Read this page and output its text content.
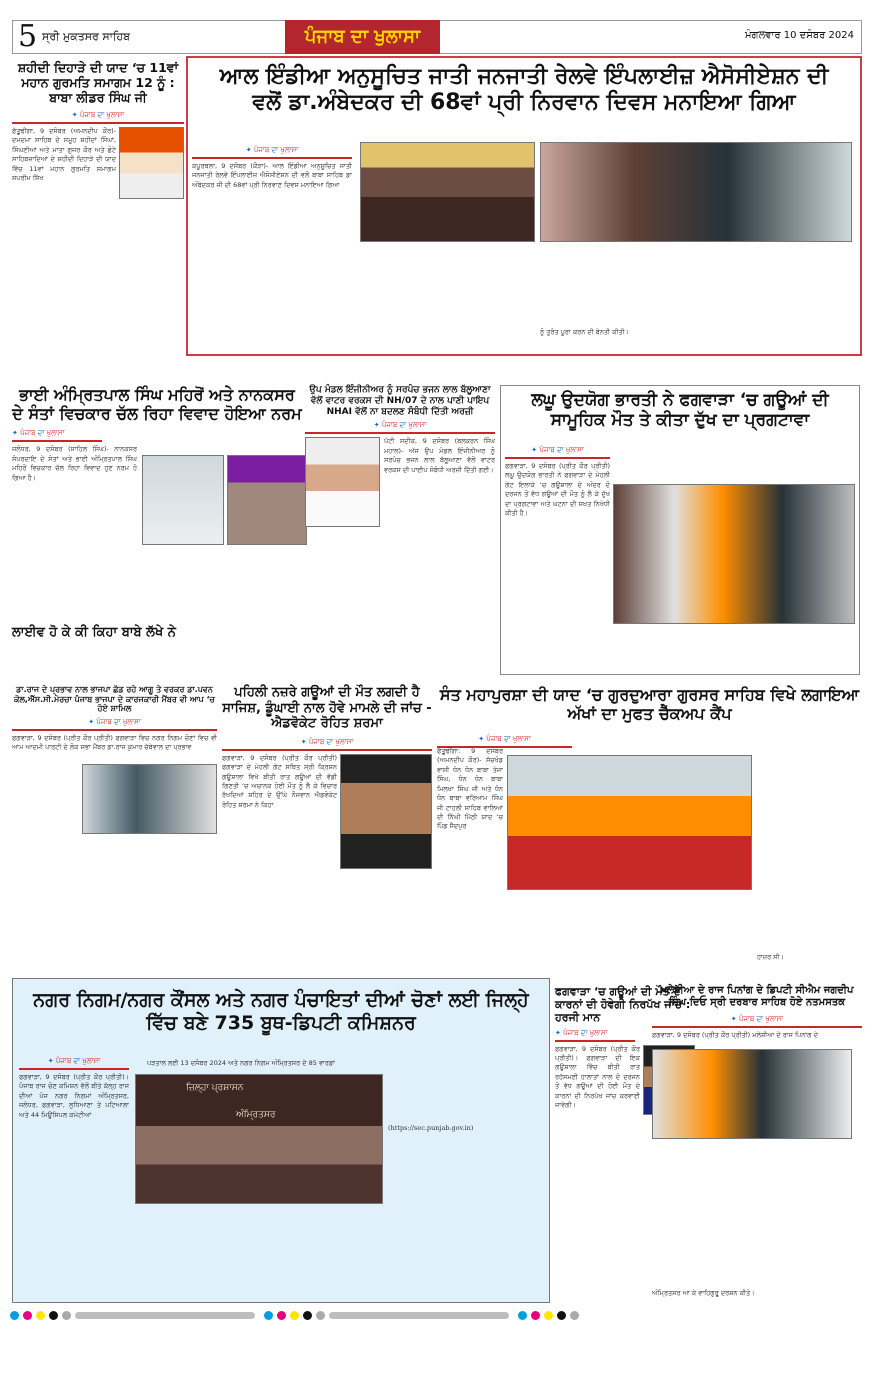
5 ਸ੍ਰੀ ਮੁਕਤਸਰ ਸਾਹਿਬ	ਪੰਜਾਬ ਦਾ ਖੁਲਾਸਾ	ਮੰਗਲਵਾਰ 10 ਦਸੰਬਰ 2024
ਸ਼ਹੀਦੀ ਦਿਹਾੜੇ ਦੀ ਯਾਦ ‘ਚ 11ਵਾਂ ਮਹਾਨ ਗੁਰਮਤਿ ਸਮਾਗਮ 12 ਨੂੰ : ਬਾਬਾ ਲੀਡਰ ਸਿੰਘ ਜੀ
✦ ਪੰਜਾਬ ਦਾ ਖੁਲਾਸਾ
ਫੱਤੂਢੀਂਗਾ, 9 ਦਸੰਬਰ (ਅਮਨਦੀਪ ਕੌਰ)- ਦਮਦਮਾ ਸਾਹਿਬ ਦੇ ਸਮੂਹ ਸ਼ਹੀਦਾਂ ਸਿੰਘਾਂ, ਸਿੰਘਣੀਆਂ ਅਤੇ ਮਾਤਾ ਗੁਜਰ ਕੌਰ ਅਤੇ ਛੋਟੇ ਸਾਹਿਬਜ਼ਾਦਿਆਂ ਦੇ ਸ਼ਹੀਦੀ ਦਿਹਾੜੇ ਦੀ ਯਾਦ ਵਿੱਚ 11ਵਾਂ ਮਹਾਨ ਗੁਰਮਤਿ ਸਮਾਗਮ ਸਪਰੀਮ ਸਿੱਖ
ਆਲ ਇੰਡੀਆ ਅਨੁਸੂਚਿਤ ਜਾਤੀ ਜਨਜਾਤੀ ਰੇਲਵੇ ਇੰਪਲਾਈਜ਼ ਐਸੋਸੀਏਸ਼ਨ ਦੀ ਵਲੋਂ ਡਾ.ਅੰਬੇਦਕਰ ਦੀ 68ਵਾਂ ਪ੍ਰੀ ਨਿਰਵਾਨ ਦਿਵਸ ਮਨਾਇਆ ਗਿਆ
✦ ਪੰਜਾਬ ਦਾ ਖੁਲਾਸਾ
ਕਪੂਰਥਲਾ, 9 ਦਸੰਬਰ (ਕੌੜਾ)- ਆਲ ਇੰਡੀਆ ਅਨੁਸੂਚਿਤ ਜਾਤੀ ਜਨਜਾਤੀ ਰੇਲਵੇ ਇੰਪਲਾਈਜ਼ ਐਸੋਸੀਏਸ਼ਨ ਦੀ ਵਲੋਂ ਬਾਬਾ ਸਾਹਿਬ ਡਾ ਅੰਬੇਦਕਰ ਜੀ ਦੀ 68ਵਾਂ ਪ੍ਰੀ ਨਿਰਵਾਣ ਦਿਵਸ ਮਨਾਇਆ ਗਿਆ
ਨੂੰ ਤੁਰੰਤ ਪੂਰਾ ਕਰਨ ਦੀ ਬੇਨਤੀ ਕੀਤੀ।
ਭਾਈ ਅੰਮ੍ਰਿਤਪਾਲ ਸਿੰਘ ਮਹਿਰੋਂ ਅਤੇ ਨਾਨਕਸਰ ਦੇ ਸੰਤਾਂ ਵਿਚਕਾਰ ਚੱਲ ਰਿਹਾ ਵਿਵਾਦ ਹੋਇਆ ਨਰਮ
✦ ਪੰਜਾਬ ਦਾ ਖੁਲਾਸਾ
ਜਲੰਧਰ, 9 ਦਸੰਬਰ (ਸਾਹਿਲ ਸਿੰਘ)- ਨਾਨਕਸਰ ਸੰਪਰਦਾਇ ਦੇ ਸੰਤਾਂ ਅਤੇ ਭਾਈ ਅੰਮ੍ਰਿਤਪਾਲ ਸਿੰਘ ਮਹਿਰੋਂ ਵਿਚਕਾਰ ਚੱਲ ਰਿਹਾ ਵਿਵਾਦ ਹੁਣ ਨਰਮ ਹੋ ਗਿਆ ਹੈ।
ਲਾਈਵ ਹੋ ਕੇ ਕੀ ਕਿਹਾ ਬਾਬੇ ਲੱਖੇ ਨੇ
ਉਪ ਮੰਡਲ ਇੰਜੀਨੀਅਰ ਨੂੰ ਸਰਪੰਚ ਭਜਨ ਲਾਲ ਬੱਲੂਆਣਾ ਵੱਲੋਂ ਵਾਟਰ ਵਰਕਸ ਦੀ NH/07 ਦੇ ਨਾਲ ਪਾਣੀ ਪਾਇਪ NHAI ਵੱਲੋਂ ਨਾ ਬਦਲਣ ਸੰਬੰਧੀ ਦਿੱਤੀ ਅਰਜ਼ੀ
✦ ਪੰਜਾਬ ਦਾ ਖੁਲਾਸਾ
ਪੱਟੀ ਸਦੀਕ, 9 ਦਸੰਬਰ (ਬਲਕਰਨ ਸਿੰਘ ਮਹਾਲ)- ਅੱਜ ਉਪ ਮੰਡਲ ਇੰਜੀਨੀਅਰ ਨੂੰ ਸਰਪੰਚ ਭਜਨ ਲਾਲ ਬੱਲੂਆਣਾ ਵੱਲੋਂ ਵਾਟਰ ਵਰਕਸ ਦੀ ਪਾਈਪ ਸੰਬੰਧੀ ਅਰਜ਼ੀ ਦਿੱਤੀ ਗਈ।
ਲਘੂ ਉਦਯੋਗ ਭਾਰਤੀ ਨੇ ਫਗਵਾੜਾ ‘ਚ ਗਊਆਂ ਦੀ ਸਾਮੂਹਿਕ ਮੌਤ ਤੇ ਕੀਤਾ ਦੁੱਖ ਦਾ ਪ੍ਰਗਟਾਵਾ
✦ ਪੰਜਾਬ ਦਾ ਖੁਲਾਸਾ
ਫਗਵਾੜਾ, 9 ਦਸੰਬਰ (ਪ੍ਰੀਤ ਕੌਰ ਪ੍ਰੀਤੀ) ਲਘੂ ਉਦਯੋਗ ਭਾਰਤੀ ਨੇ ਫਗਵਾੜਾ ਦੇ ਮੇਹਲੀ ਗੇਟ ਇਲਾਕੇ ‘ਚ ਗਊਸ਼ਾਲਾ ਦੇ ਅੰਦਰ ਦੋ ਦਰਜਨ ਤੋਂ ਵੱਧ ਗਊਆਂ ਦੀ ਮੌਤ ਨੂੰ ਲੈ ਕੇ ਦੁੱਖ ਦਾ ਪ੍ਰਗਟਾਵਾ ਅਤੇ ਘਟਨਾ ਦੀ ਸਖ਼ਤ ਨਿਖੇਧੀ ਕੀਤੀ ਹੈ।
ਡਾ.ਰਾਜ ਦੇ ਪ੍ਰਭਾਵ ਨਾਲ ਭਾਜਪਾ ਛੱਡ ਰਹੇ ਆਗੂ ਤੇ ਵਰਕਰ ਡਾ.ਪਵਨ ਕੋਲ,ਐੱਸ.ਸੀ.ਮੋਰਚਾ ਪੰਜਾਬ ਭਾਜਪਾ ਦੇ ਕਾਰਜਕਾਰੀ ਮੈਂਬਰ ਵੀ ਆਪ ‘ਚ ਹੋਏ ਸ਼ਾਮਿਲ
✦ ਪੰਜਾਬ ਦਾ ਖੁਲਾਸਾ
ਫਗਵਾੜਾ, 9 ਦਸੰਬਰ (ਪ੍ਰੀਤ ਕੌਰ ਪ੍ਰੀਤੀ) ਫਗਵਾੜਾ ਵਿਚ ਨਗਰ ਨਿਗਮ ਚੋਣਾਂ ਵਿਚ ਵੀ ਆਮ ਆਦਮੀ ਪਾਰਟੀ ਦੇ ਲੋਕ ਸਭਾ ਮੈਂਬਰ ਡਾ.ਰਾਜ ਕੁਮਾਰ ਚੱਬੇਵਾਲ ਦਾ ਪ੍ਰਭਾਵ
ਪਹਿਲੀ ਨਜ਼ਰੇ ਗਊਆਂ ਦੀ ਮੌਤ ਲਗਦੀ ਹੈ ਸਾਜਿਸ਼, ਡੂੰਘਾਈ ਨਾਲ ਹੋਵੇ ਮਾਮਲੇ ਦੀ ਜਾਂਚ - ਐਡਵੋਕੇਟ ਰੋਹਿਤ ਸ਼ਰਮਾ
✦ ਪੰਜਾਬ ਦਾ ਖੁਲਾਸਾ
ਫਗਵਾੜਾ, 9 ਦਸੰਬਰ (ਪ੍ਰੀਤ ਕੌਰ ਪ੍ਰੀਤੀ) ਫਗਵਾੜਾ ਦੇ ਮੇਹਲੀ ਗੇਟ ਸਥਿਤ ਸ੍ਰੀ ਕ੍ਰਿਸ਼ਨ ਗਊਸ਼ਾਲਾ ਵਿਖੇ ਬੀਤੀ ਰਾਤ ਗਊਆਂ ਦੀ ਵੱਡੀ ਗਿਣਤੀ ‘ਚ ਅਚਾਨਕ ਹੋਈ ਮੌਤ ਨੂੰ ਲੈ ਕੇ ਵਿਚਾਰ ਰੱਖਦਿਆਂ ਸ਼ਹਿਰ ਦੇ ਉੱਘੇ ਨੌਜਵਾਨ ਐਡਵੋਕੇਟ ਰੋਹਿਤ ਸ਼ਰਮਾ ਨੇ ਕਿਹਾ
ਸੰਤ ਮਹਾਪੁਰਸ਼ਾ ਦੀ ਯਾਦ ‘ਚ ਗੁਰਦੁਆਰਾ ਗੁਰਸਰ ਸਾਹਿਬ ਵਿਖੇ ਲਗਾਇਆ ਅੱਖਾਂ ਦਾ ਮੁਫਤ ਚੈੱਕਅਪ ਕੈਂਪ
✦ ਪੰਜਾਬ ਦਾ ਖੁਲਾਸਾ
ਫੱਤੂਢੀਂਗਾ: 9 ਦਸੰਬਰ (ਅਮਨਦੀਪ ਕੌਰ)- ਸੱਚਖੰਡ ਵਾਸੀ ਧੰਨ ਧੰਨ ਬਾਬਾ ਤੇਜਾ ਸਿੰਘ, ਧੰਨ ਧੰਨ ਬਾਬਾ ਮਿਲਖਾ ਸਿੰਘ ਜੀ ਅਤੇ ਧੰਨ ਧੰਨ ਬਾਬਾ ਵਰਿਆਮ ਸਿੰਘ ਜੀ ਟਾਹਲੀ ਸਾਹਿਬ ਵਾਲਿਆਂ ਦੀ ਨਿੱਘੀ ਮਿੱਠੀ ਯਾਦ ‘ਚ ਪਿੰਡ ਸੈਦਪੁਰ
ਹਾਜ਼ਰ ਸੀ।
ਨਗਰ ਨਿਗਮ/ਨਗਰ ਕੌਂਸਲ ਅਤੇ ਨਗਰ ਪੰਚਾਇਤਾਂ ਦੀਆਂ ਚੋਣਾਂ ਲਈ ਜਿਲ੍ਹੇ ਵਿੱਚ ਬਣੇ 735 ਬੂਥ-ਡਿਪਟੀ ਕਮਿਸ਼ਨਰ
✦ ਪੰਜਾਬ ਦਾ ਖੁਲਾਸਾ
ਫਗਵਾੜਾ, 9 ਦਸੰਬਰ (ਪ੍ਰੀਤ ਕੌਰ ਪ੍ਰੀਤੀ)। ਪੰਜਾਬ ਰਾਜ ਚੋਣ ਕਮਿਸ਼ਨ ਵੱਲੋਂ ਬੀਤੇ ਕੱਲ੍ਹ ਰਾਜ ਦੀਆਂ ਪੰਜ ਨਗਰ ਨਿਗਮਾਂ ਅੰਮ੍ਰਿਤਸਰ, ਜਲੰਧਰ, ਫਗਵਾੜਾ, ਲੁਧਿਆਣਾ ਤੇ ਪਟਿਆਲਾ ਅਤੇ 44 ਮਿਊਂਸਿਪਲ ਕਮੇਟੀਆਂ
ਪੜਤਾਲ ਲਈ 13 ਦਸੰਬਰ 2024 ਅਤੇ ਨਗਰ ਨਿਗਮ ਅੰਮ੍ਰਿਤਸਰ ਦੇ 85 ਵਾਰਡਾਂ
ਜ਼ਿਲ੍ਹਾ ਪ੍ਰਸ਼ਾਸਨ
ਅੰਮ੍ਰਿਤਸਰ
(https://sec.punjab.gov.in)
ਫਗਵਾੜਾ ‘ਚ ਗਊਆਂ ਦੀ ਮੌਤ ਦੇ ਕਾਰਨਾਂ ਦੀ ਹੋਵੇਗੀ ਨਿਰਪੱਖ ਜਾਂਚ : ਹਰਜੀ ਮਾਨ
✦ ਪੰਜਾਬ ਦਾ ਖੁਲਾਸਾ
ਫਗਵਾੜਾ, 9 ਦਸੰਬਰ (ਪ੍ਰੀਤ ਕੌਰ ਪ੍ਰੀਤੀ)। ਫਗਵਾੜਾ ਦੀ ਇਕ ਗਊਸ਼ਾਲਾ ਵਿੱਚ ਬੀਤੀ ਰਾਤ ਰਹੱਸਮਈ ਹਾਲਾਤਾਂ ਨਾਲ ਦੋ ਦਰਜਨ ਤੋਂ ਵੱਧ ਗਊਆਂ ਦੀ ਹੋਈ ਮੌਤ ਦੇ ਕਾਰਨਾਂ ਦੀ ਨਿਰਪੱਖ ਜਾਂਚ ਕਰਵਾਈ ਜਾਵੇਗੀ।
ਮਲੇਸ਼ੀਆ ਦੇ ਰਾਜ ਪਿਨਾਂਗ ਦੇ ਡਿਪਟੀ ਸੀਐਮ ਜਗਦੀਪ ਸਿੰਘ ਦਿਓ ਸ੍ਰੀ ਦਰਬਾਰ ਸਾਹਿਬ ਹੋਏ ਨਤਮਸਤਕ
✦ ਪੰਜਾਬ ਦਾ ਖੁਲਾਸਾ
ਫਗਵਾੜਾ, 9 ਦਸੰਬਰ (ਪ੍ਰੀਤ ਕੌਰ ਪ੍ਰੀਤੀ) ਮਲੇਸ਼ੀਆ ਦੇ ਰਾਜ ਪਿਨਾਂਗ ਦੇ
ਅੰਮ੍ਰਿਤਸਰ ਆ ਕੇ ਵਾਹਿਗੁਰੂ ਦਰਸ਼ਨ ਕੀਤੇ।
